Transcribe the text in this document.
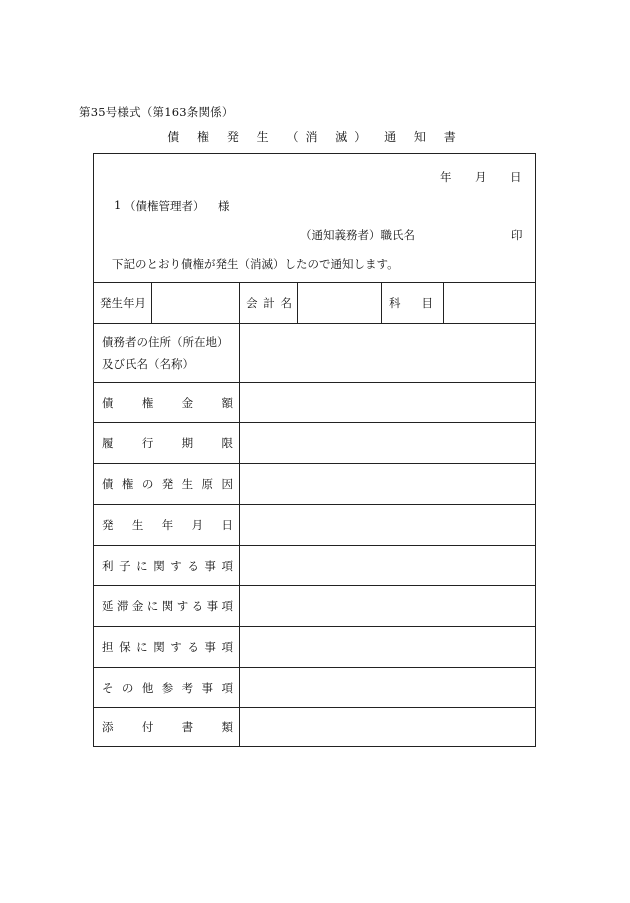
第35号様式（第163条関係）
債 権 発 生 （消 滅） 通 知 書
年 月 日
1 （債権管理者） 様
（通知義務者）職氏名	印
下記のとおり債権が発生（消滅）したので通知します。
発生年月	会 計 名	科 目
債務者の住所（所在地）
及び氏名（名称）
債 権 金 額
履 行 期 限
債 権 の 発 生 原 因
発 生 年 月 日
利 子 に 関 す る 事 項
延 滞 金 に 関 す る 事 項
担 保 に 関 す る 事 項
そ の 他 参 考 事 項
添 付 書 類
